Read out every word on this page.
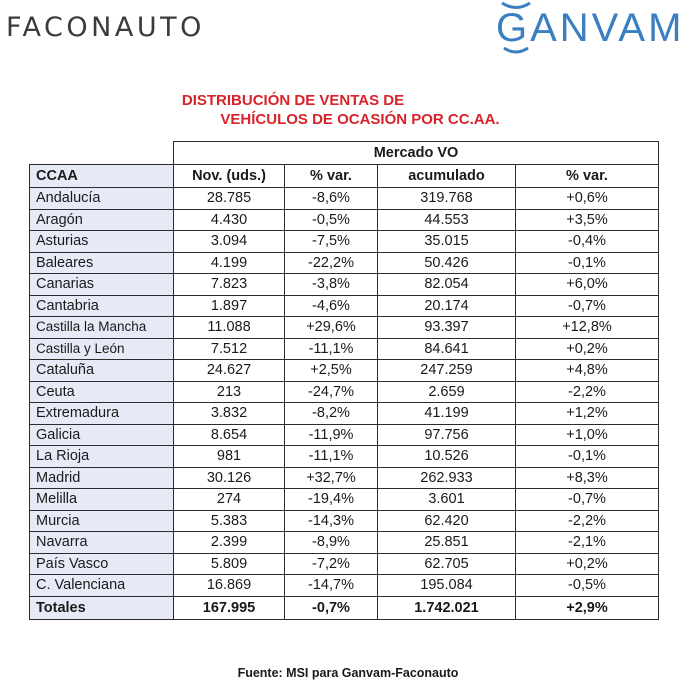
FACONAUTO	GANVAM
DISTRIBUCIÓN DE VENTAS DE
VEHÍCULOS DE OCASIÓN POR CC.AA.
	Mercado VO			
CCAA	Nov. (uds.)	% var.	acumulado	% var.
Andalucía	28.785	-8,6%	319.768	+0,6%
Aragón	4.430	-0,5%	44.553	+3,5%
Asturias	3.094	-7,5%	35.015	-0,4%
Baleares	4.199	-22,2%	50.426	-0,1%
Canarias	7.823	-3,8%	82.054	+6,0%
Cantabria	1.897	-4,6%	20.174	-0,7%
Castilla la Mancha	11.088	+29,6%	93.397	+12,8%
Castilla y León	7.512	-11,1%	84.641	+0,2%
Cataluña	24.627	+2,5%	247.259	+4,8%
Ceuta	213	-24,7%	2.659	-2,2%
Extremadura	3.832	-8,2%	41.199	+1,2%
Galicia	8.654	-11,9%	97.756	+1,0%
La Rioja	981	-11,1%	10.526	-0,1%
Madrid	30.126	+32,7%	262.933	+8,3%
Melilla	274	-19,4%	3.601	-0,7%
Murcia	5.383	-14,3%	62.420	-2,2%
Navarra	2.399	-8,9%	25.851	-2,1%
País Vasco	5.809	-7,2%	62.705	+0,2%
C. Valenciana	16.869	-14,7%	195.084	-0,5%
Totales	167.995	-0,7%	1.742.021	+2,9%
Fuente: MSI para Ganvam-Faconauto
